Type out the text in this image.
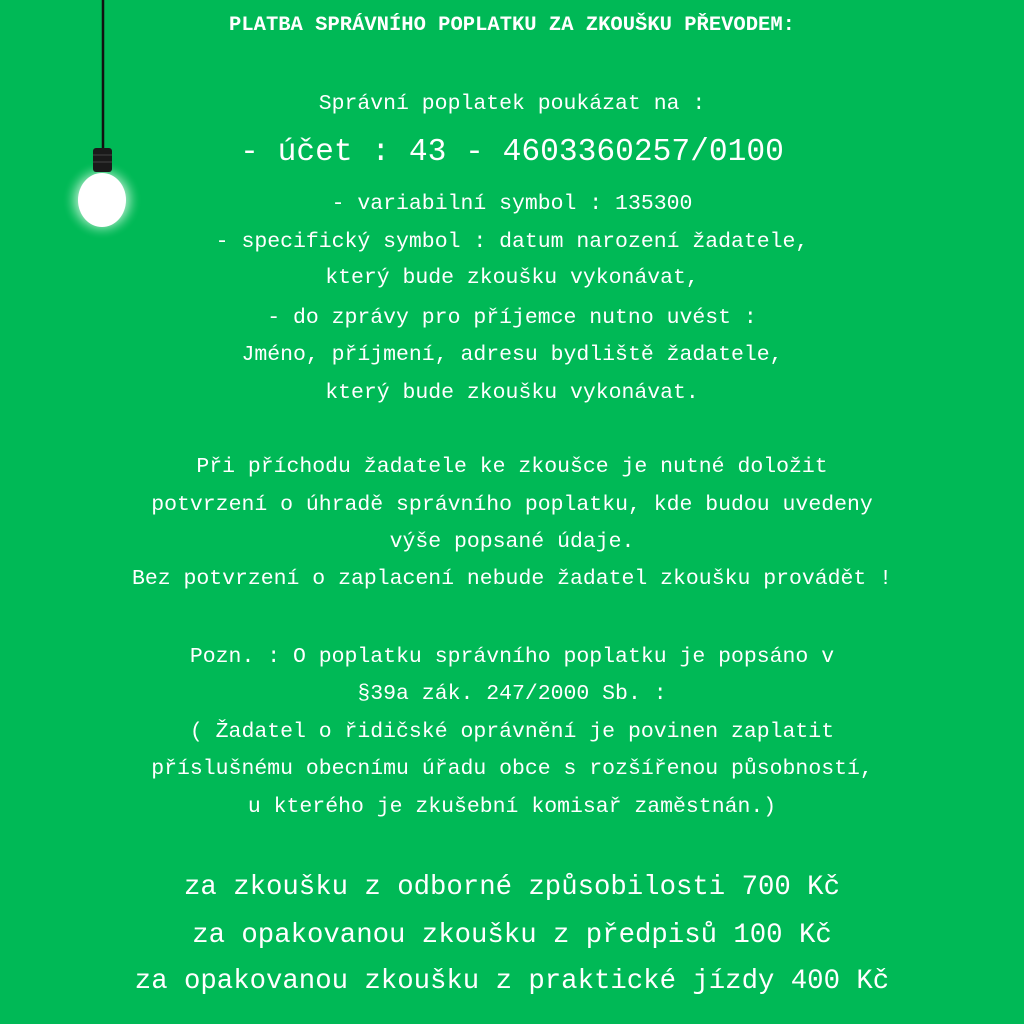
PLATBA SPRÁVNÍHO POPLATKU ZA ZKOUŠKU PŘEVODEM:
Správní poplatek poukázat na :
- účet : 43 - 4603360257/0100
- variabilní symbol : 135300
- specifický symbol : datum narození žadatele,
který bude zkoušku vykonávat,
- do zprávy pro příjemce nutno uvést :
Jméno, příjmení, adresu bydliště žadatele,
který bude zkoušku vykonávat.
Při příchodu žadatele ke zkoušce je nutné doložit
potvrzení o úhradě správního poplatku, kde budou uvedeny
výše popsané údaje.
Bez potvrzení o zaplacení nebude žadatel zkoušku provádět !
Pozn. : O poplatku správního poplatku je popsáno v
§39a zák. 247/2000 Sb. :
( Žadatel o řidičské oprávnění je povinen zaplatit
příslušnému obecnímu úřadu obce s rozšířenou působností,
u kterého je zkušební komisař zaměstnán.)
za zkoušku z odborné způsobilosti 700 Kč
za opakovanou zkoušku z předpisů 100 Kč
za opakovanou zkoušku z praktické jízdy 400 Kč
